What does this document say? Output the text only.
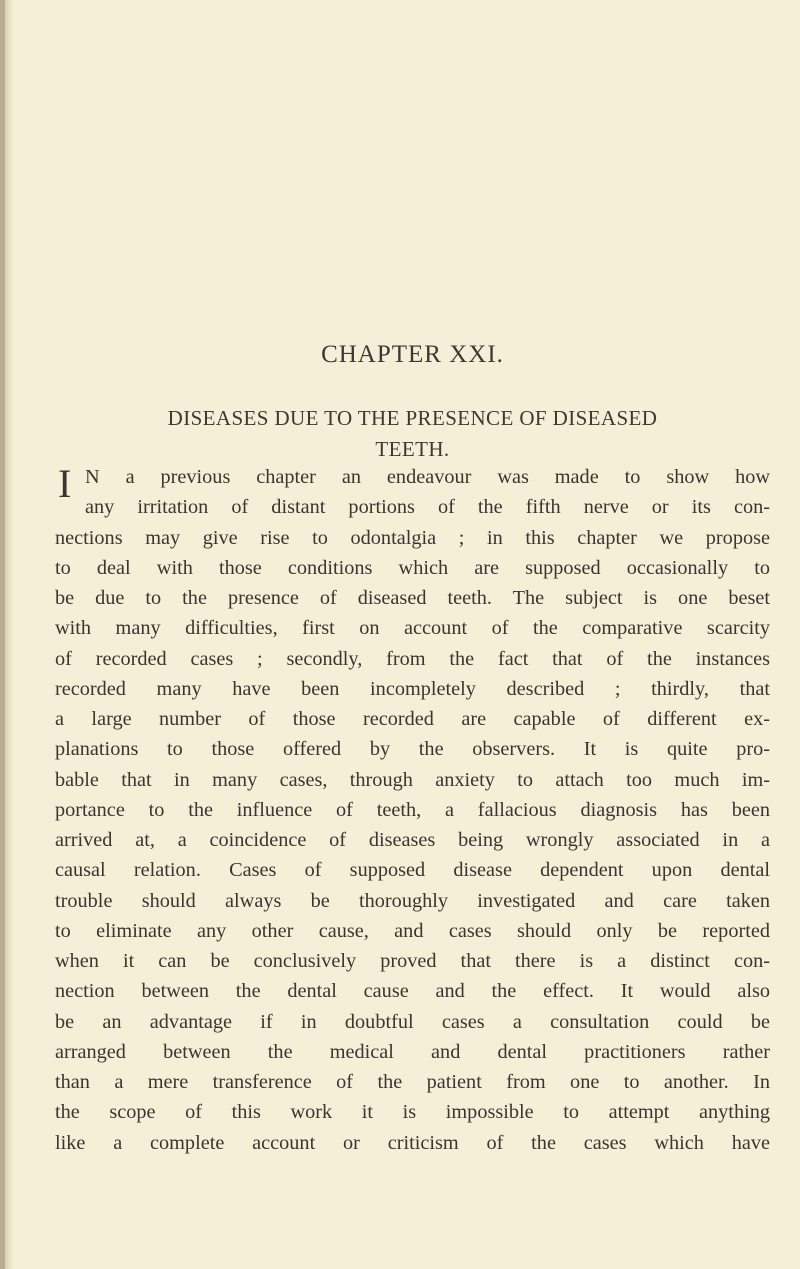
CHAPTER XXI.
DISEASES DUE TO THE PRESENCE OF DISEASED
TEETH.
I N a previous chapter an endeavour was made to show how
any irritation of distant portions of the fifth nerve or its con-
nections may give rise to odontalgia ; in this chapter we propose
to deal with those conditions which are supposed occasionally to
be due to the presence of diseased teeth. The subject is one beset
with many difficulties, first on account of the comparative scarcity
of recorded cases ; secondly, from the fact that of the instances
recorded many have been incompletely described ; thirdly, that
a large number of those recorded are capable of different ex-
planations to those offered by the observers. It is quite pro-
bable that in many cases, through anxiety to attach too much im-
portance to the influence of teeth, a fallacious diagnosis has been
arrived at, a coincidence of diseases being wrongly associated in a
causal relation. Cases of supposed disease dependent upon dental
trouble should always be thoroughly investigated and care taken
to eliminate any other cause, and cases should only be reported
when it can be conclusively proved that there is a distinct con-
nection between the dental cause and the effect. It would also
be an advantage if in doubtful cases a consultation could be
arranged between the medical and dental practitioners rather
than a mere transference of the patient from one to another. In
the scope of this work it is impossible to attempt anything
like a complete account or criticism of the cases which have
